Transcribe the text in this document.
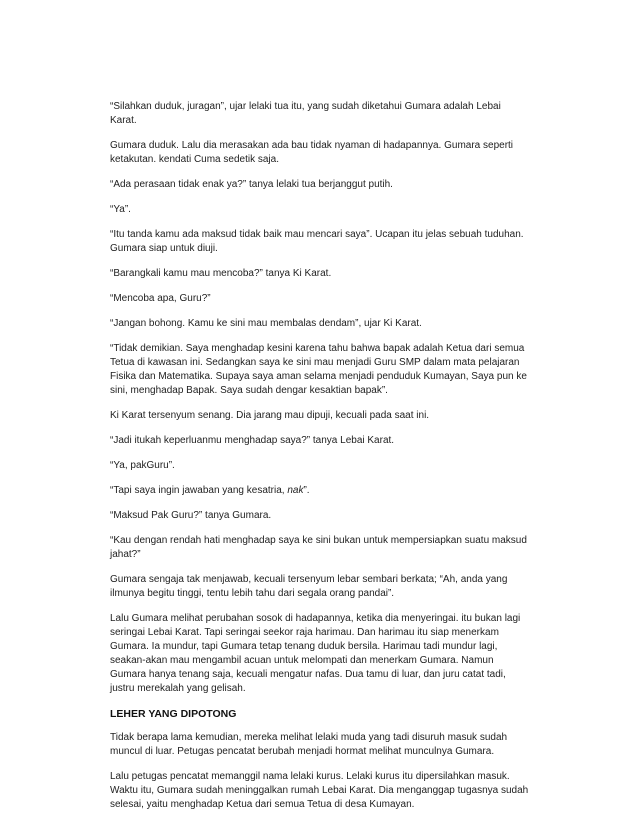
“Silahkan duduk, juragan”, ujar lelaki tua itu, yang sudah diketahui Gumara adalah Lebai Karat.

Gumara duduk. Lalu dia merasakan ada bau tidak nyaman di hadapannya. Gumara seperti ketakutan. kendati Cuma sedetik saja.

“Ada perasaan tidak enak ya?” tanya lelaki tua berjanggut putih.

“Ya”.

“Itu tanda kamu ada maksud tidak baik mau mencari saya”. Ucapan itu jelas sebuah tuduhan. Gumara siap untuk diuji.

“Barangkali kamu mau mencoba?” tanya Ki Karat.

“Mencoba apa, Guru?”

“Jangan bohong. Kamu ke sini mau membalas dendam”, ujar Ki Karat.

“Tidak demikian. Saya menghadap kesini karena tahu bahwa bapak adalah Ketua dari semua Tetua di kawasan ini. Sedangkan saya ke sini mau menjadi Guru SMP dalam mata pelajaran Fisika dan Matematika. Supaya saya aman selama menjadi penduduk Kumayan, Saya pun ke sini, menghadap Bapak. Saya sudah dengar kesaktian bapak”.

Ki Karat tersenyum senang. Dia jarang mau dipuji, kecuali pada saat ini.

“Jadi itukah keperluanmu menghadap saya?” tanya Lebai Karat.

“Ya, pakGuru”.

“Tapi saya ingin jawaban yang kesatria, nak”.

“Maksud Pak Guru?” tanya Gumara.

“Kau dengan rendah hati menghadap saya ke sini bukan untuk mempersiapkan suatu maksud jahat?”

Gumara sengaja tak menjawab, kecuali tersenyum lebar sembari berkata; “Ah, anda yang ilmunya begitu tinggi, tentu lebih tahu dari segala orang pandai”.

Lalu Gumara melihat perubahan sosok di hadapannya, ketika dia menyeringai. itu bukan lagi seringai Lebai Karat. Tapi seringai seekor raja harimau. Dan harimau itu siap menerkam Gumara. Ia mundur, tapi Gumara tetap tenang duduk bersila. Harimau tadi mundur lagi, seakan-akan mau mengambil acuan untuk melompati dan menerkam Gumara. Namun Gumara hanya tenang saja, kecuali mengatur nafas. Dua tamu di luar, dan juru catat tadi, justru merekalah yang gelisah.

LEHER YANG DIPOTONG

Tidak berapa lama kemudian, mereka melihat lelaki muda yang tadi disuruh masuk sudah muncul di luar. Petugas pencatat berubah menjadi hormat melihat munculnya Gumara.

Lalu petugas pencatat memanggil nama lelaki kurus. Lelaki kurus itu dipersilahkan masuk. Waktu itu, Gumara sudah meninggalkan rumah Lebai Karat. Dia menganggap tugasnya sudah selesai, yaitu menghadap Ketua dari semua Tetua di desa Kumayan.
